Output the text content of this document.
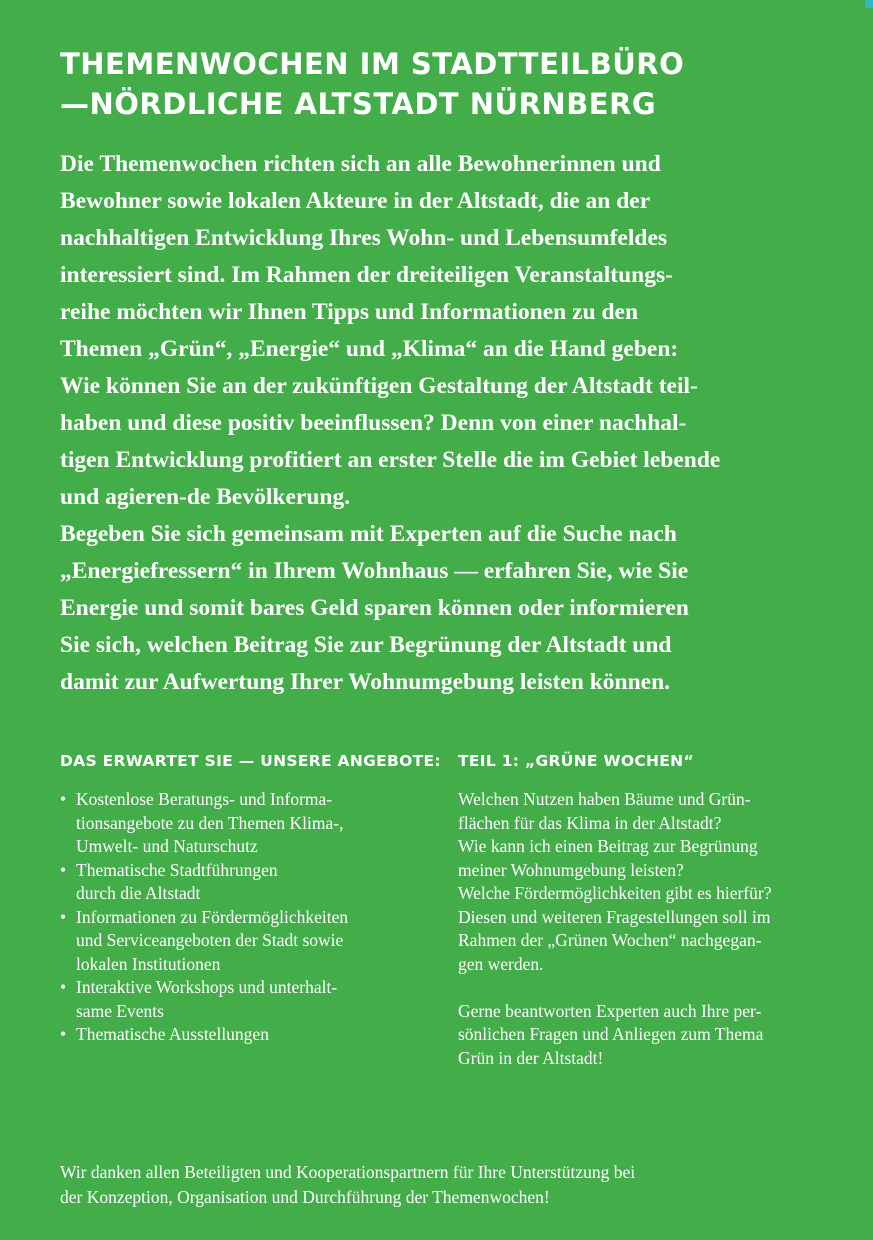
THEMENWOCHEN IM STADTTEILBÜRO
—NÖRDLICHE ALTSTADT NÜRNBERG
Die Themenwochen richten sich an alle Bewohnerinnen und
Bewohner sowie lokalen Akteure in der Altstadt, die an der
nachhaltigen Entwicklung Ihres Wohn- und Lebensumfeldes
interessiert sind. Im Rahmen der dreiteiligen Veranstaltungs-
reihe möchten wir Ihnen Tipps und Informationen zu den
Themen „Grün“, „Energie“ und „Klima“ an die Hand geben:
Wie können Sie an der zukünftigen Gestaltung der Altstadt teil-
haben und diese positiv beeinflussen? Denn von einer nachhal-
tigen Entwicklung profitiert an erster Stelle die im Gebiet lebende
und agieren-de Bevölkerung.
Begeben Sie sich gemeinsam mit Experten auf die Suche nach
„Energiefressern“ in Ihrem Wohnhaus — erfahren Sie, wie Sie
Energie und somit bares Geld sparen können oder informieren
Sie sich, welchen Beitrag Sie zur Begrünung der Altstadt und
damit zur Aufwertung Ihrer Wohnumgebung leisten können.
DAS ERWARTET SIE — UNSERE ANGEBOTE: TEIL 1: „GRÜNE WOCHEN“
• Kostenlose Beratungs- und Informa-
tionsangebote zu den Themen Klima-,
Umwelt- und Naturschutz
• Thematische Stadtführungen
durch die Altstadt
• Informationen zu Fördermöglichkeiten
und Serviceangeboten der Stadt sowie
lokalen Institutionen
• Interaktive Workshops und unterhalt-
same Events
• Thematische Ausstellungen
Welchen Nutzen haben Bäume und Grün-
flächen für das Klima in der Altstadt?
Wie kann ich einen Beitrag zur Begrünung
meiner Wohnumgebung leisten?
Welche Fördermöglichkeiten gibt es hierfür?
Diesen und weiteren Fragestellungen soll im
Rahmen der „Grünen Wochen“ nachgegan-
gen werden.
Gerne beantworten Experten auch Ihre per-
sönlichen Fragen und Anliegen zum Thema
Grün in der Altstadt!
Wir danken allen Beteiligten und Kooperationspartnern für Ihre Unterstützung bei
der Konzeption, Organisation und Durchführung der Themenwochen!
